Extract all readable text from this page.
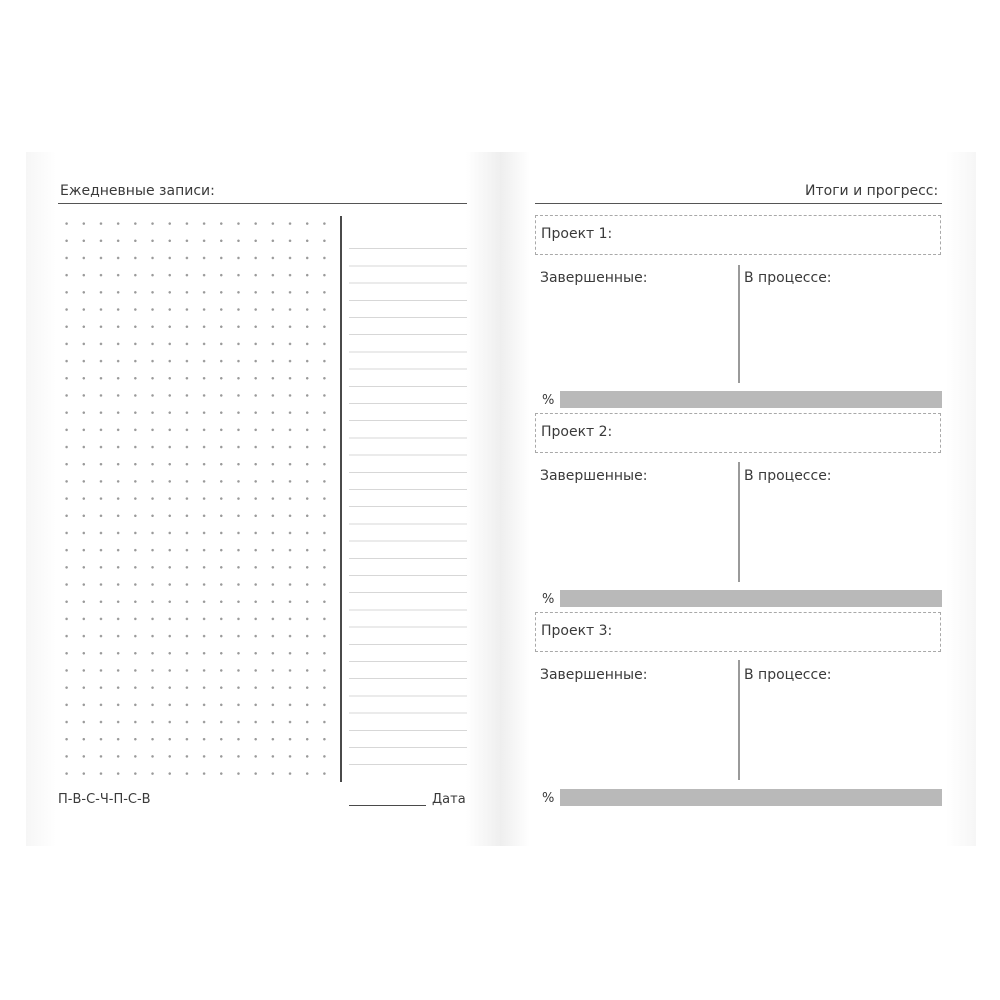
Ежедневные записи:
П-В-С-Ч-П-С-В	Дата
Итоги и прогресс:
Проект 1:
Завершенные:	В процессе:
%
Проект 2:
Завершенные:	В процессе:
%
Проект 3:
Завершенные:	В процессе:
%
